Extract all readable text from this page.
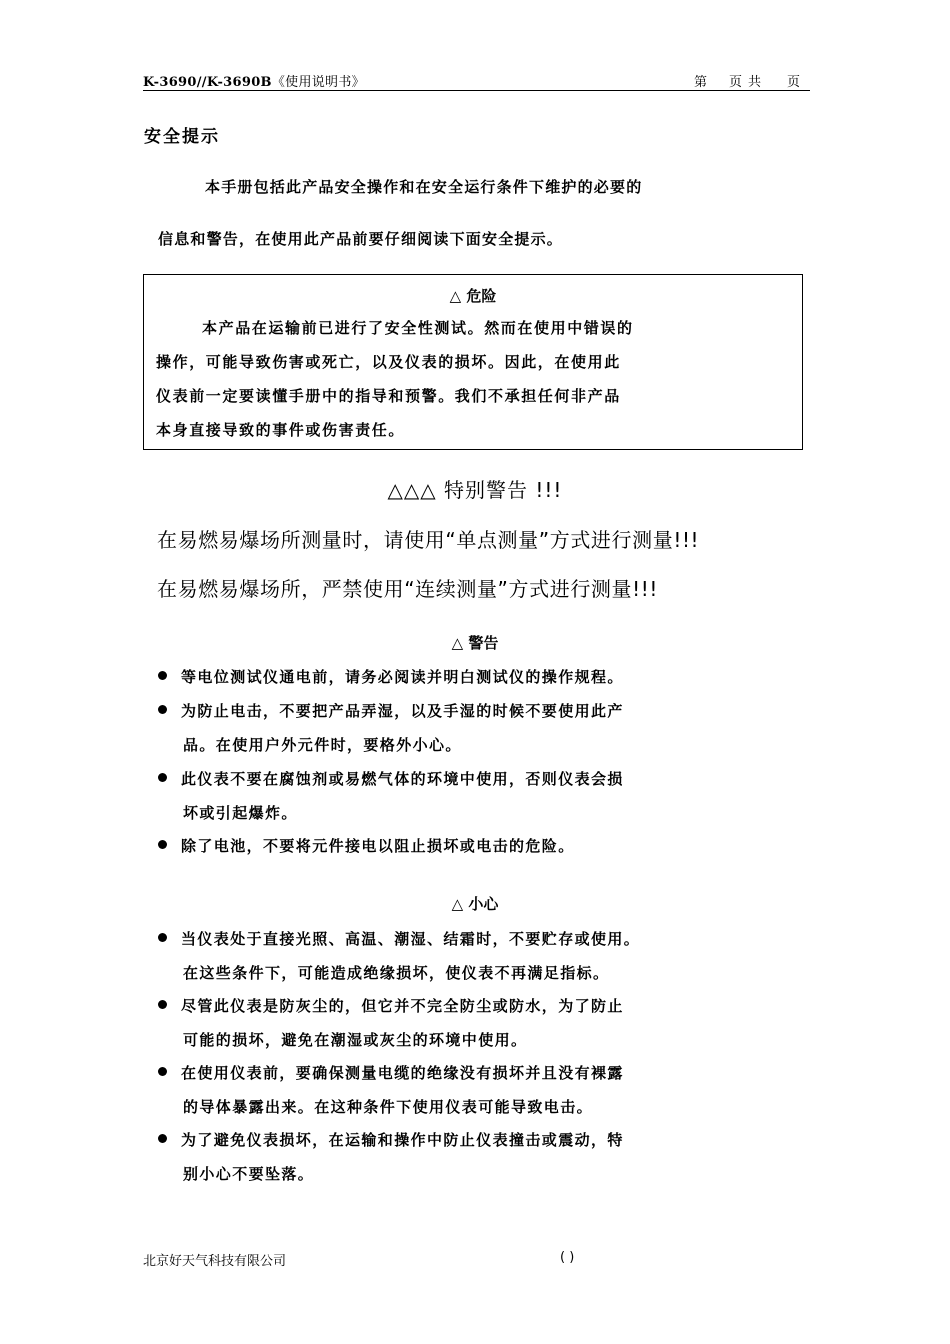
K-3690//K-3690B《使用说明书》	第 页 共 页
安全提示
本手册包括此产品安全操作和在安全运行条件下维护的必要的
信息和警告，在使用此产品前要仔细阅读下面安全提示。
△ 危险
本产品在运输前已进行了安全性测试。然而在使用中错误的
操作，可能导致伤害或死亡，以及仪表的损坏。因此，在使用此
仪表前一定要读懂手册中的指导和预警。我们不承担任何非产品
本身直接导致的事件或伤害责任。
△△△ 特别警告 !!!
在易燃易爆场所测量时，请使用“单点测量”方式进行测量!!!
在易燃易爆场所，严禁使用“连续测量”方式进行测量!!!
△ 警告
等电位测试仪通电前，请务必阅读并明白测试仪的操作规程。
为防止电击，不要把产品弄湿，以及手湿的时候不要使用此产
品。在使用户外元件时，要格外小心。
此仪表不要在腐蚀剂或易燃气体的环境中使用，否则仪表会损
坏或引起爆炸。
除了电池，不要将元件接电以阻止损坏或电击的危险。
△ 小心
当仪表处于直接光照、高温、潮湿、结霜时，不要贮存或使用。
在这些条件下，可能造成绝缘损坏，使仪表不再满足指标。
尽管此仪表是防灰尘的，但它并不完全防尘或防水，为了防止
可能的损坏，避免在潮湿或灰尘的环境中使用。
在使用仪表前，要确保测量电缆的绝缘没有损坏并且没有裸露
的导体暴露出来。在这种条件下使用仪表可能导致电击。
为了避免仪表损坏，在运输和操作中防止仪表撞击或震动，特
别小心不要坠落。
北京好天气科技有限公司	( )
